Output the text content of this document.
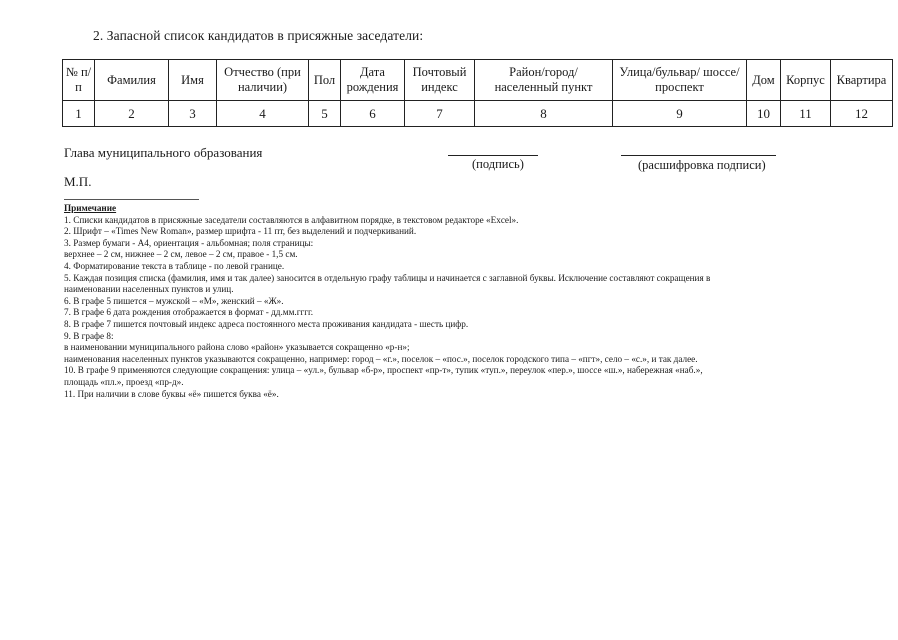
2. Запасной список кандидатов в присяжные заседатели:
№ п/п	Фамилия	Имя	Отчество (при наличии)	Пол	Дата рождения	Почтовый индекс	Район/город/ населенный пункт	Улица/бульвар/ шоссе/проспект	Дом	Корпус	Квартира
1	2	3	4	5	6	7	8	9	10	11	12
Глава муниципального образования
(подпись)	(расшифровка подписи)
М.П.
Примечание
1. Списки кандидатов в присяжные заседатели составляются в алфавитном порядке, в текстовом редакторе «Excel».
2. Шрифт – «Times New Roman», размер шрифта - 11 пт, без выделений и подчеркиваний.
3. Размер бумаги - А4, ориентация - альбомная; поля страницы:
верхнее – 2 см, нижнее – 2 см, левое – 2 см, правое - 1,5 см.
4. Форматирование текста в таблице - по левой границе.
5. Каждая позиция списка (фамилия, имя и так далее) заносится в отдельную графу таблицы и начинается с заглавной буквы. Исключение составляют сокращения в
наименовании населенных пунктов и улиц.
6. В графе 5 пишется – мужской – «М», женский – «Ж».
7. В графе 6 дата рождения отображается в формат - дд.мм.гггг.
8. В графе 7 пишется почтовый индекс адреса постоянного места проживания кандидата - шесть цифр.
9. В графе 8:
в наименовании муниципального района слово «район» указывается сокращенно «р-н»;
наименования населенных пунктов указываются сокращенно, например: город – «г.», поселок – «пос.», поселок городского типа – «пгт», село – «с.», и так далее.
10. В графе 9 применяются следующие сокращения: улица – «ул.», бульвар «б-р», проспект «пр-т», тупик «туп.», переулок «пер.», шоссе «ш.», набережная «наб.»,
площадь «пл.», проезд «пр-д».
11. При наличии в слове буквы «ё» пишется буква «ё».
